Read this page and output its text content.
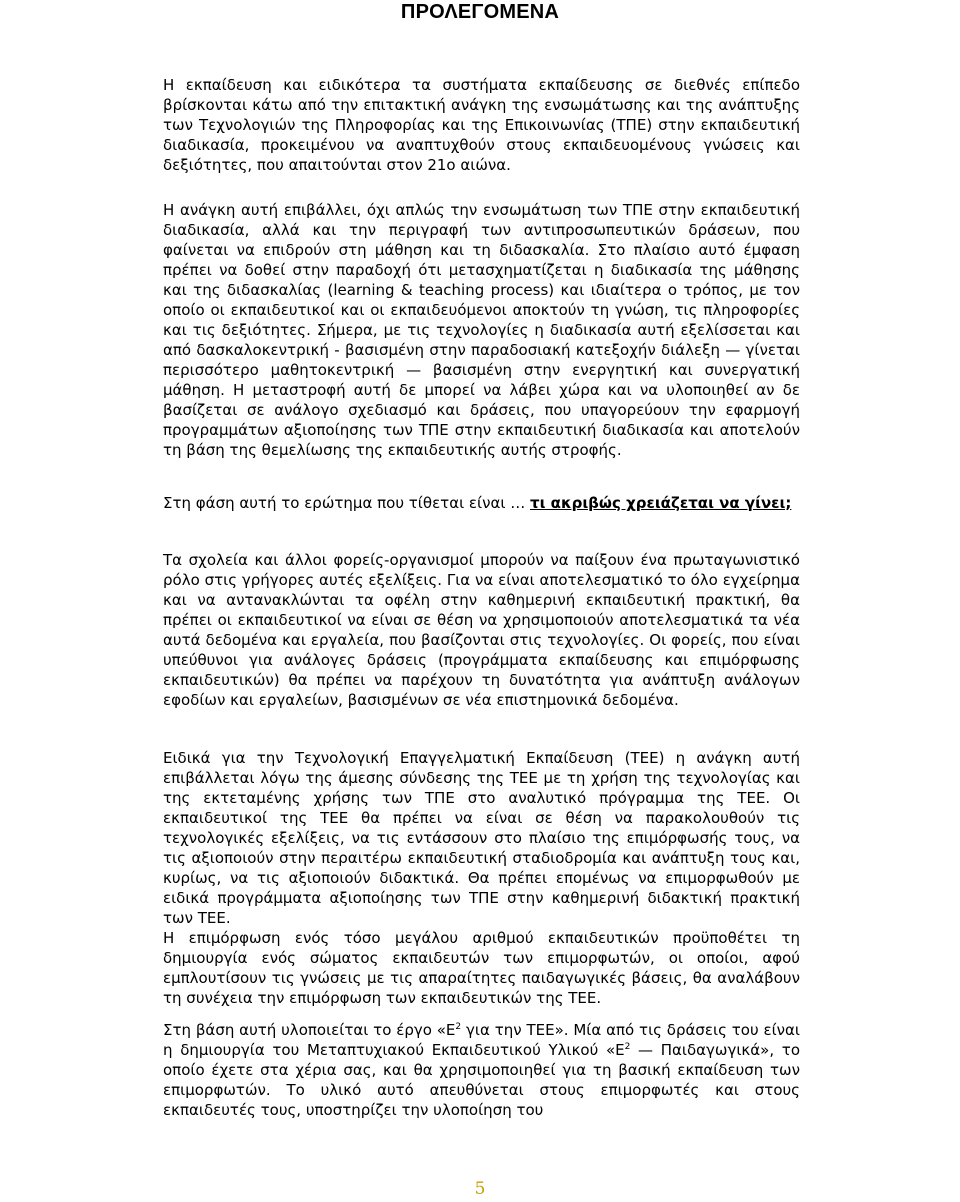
ΠΡΟΛΕΓΟΜΕΝΑ

Η εκπαίδευση και ειδικότερα τα συστήματα εκπαίδευσης σε διεθνές επίπεδο βρίσκονται κάτω από την επιτακτική ανάγκη της ενσωμάτωσης και της ανάπτυξης των Τεχνολογιών της Πληροφορίας και της Επικοινωνίας (ΤΠΕ) στην εκπαιδευτική διαδικασία, προκειμένου να αναπτυχθούν στους εκπαιδευομένους γνώσεις και δεξιότητες, που απαιτούνται στον 21ο αιώνα.

Η ανάγκη αυτή επιβάλλει, όχι απλώς την ενσωμάτωση των ΤΠΕ στην εκπαιδευτική διαδικασία, αλλά και την περιγραφή των αντιπροσωπευτικών δράσεων, που φαίνεται να επιδρούν στη μάθηση και τη διδασκαλία. Στο πλαίσιο αυτό έμφαση πρέπει να δοθεί στην παραδοχή ότι μετασχηματίζεται η διαδικασία της μάθησης και της διδασκαλίας (learning & teaching process) και ιδιαίτερα ο τρόπος, με τον οποίο οι εκπαιδευτικοί και οι εκπαιδευόμενοι αποκτούν τη γνώση, τις πληροφορίες και τις δεξιότητες. Σήμερα, με τις τεχνολογίες η διαδικασία αυτή εξελίσσεται και από δασκαλοκεντρική - βασισμένη στην παραδοσιακή κατεξοχήν διάλεξη — γίνεται περισσότερο μαθητοκεντρική — βασισμένη στην ενεργητική και συνεργατική μάθηση. Η μεταστροφή αυτή δε μπορεί να λάβει χώρα και να υλοποιηθεί αν δε βασίζεται σε ανάλογο σχεδιασμό και δράσεις, που υπαγορεύουν την εφαρμογή προγραμμάτων αξιοποίησης των ΤΠΕ στην εκπαιδευτική διαδικασία και αποτελούν τη βάση της θεμελίωσης της εκπαιδευτικής αυτής στροφής.

Στη φάση αυτή το ερώτημα που τίθεται είναι … τι ακριβώς χρειάζεται να γίνει;

Τα σχολεία και άλλοι φορείς-οργανισμοί μπορούν να παίξουν ένα πρωταγωνιστικό ρόλο στις γρήγορες αυτές εξελίξεις. Για να είναι αποτελεσματικό το όλο εγχείρημα και να αντανακλώνται τα οφέλη στην καθημερινή εκπαιδευτική πρακτική, θα πρέπει οι εκπαιδευτικοί να είναι σε θέση να χρησιμοποιούν αποτελεσματικά τα νέα αυτά δεδομένα και εργαλεία, που βασίζονται στις τεχνολογίες. Οι φορείς, που είναι υπεύθυνοι για ανάλογες δράσεις (προγράμματα εκπαίδευσης και επιμόρφωσης εκπαιδευτικών) θα πρέπει να παρέχουν τη δυνατότητα για ανάπτυξη ανάλογων εφοδίων και εργαλείων, βασισμένων σε νέα επιστημονικά δεδομένα.

Ειδικά για την Τεχνολογική Επαγγελματική Εκπαίδευση (ΤΕΕ) η ανάγκη αυτή επιβάλλεται λόγω της άμεσης σύνδεσης της ΤΕΕ με τη χρήση της τεχνολογίας και της εκτεταμένης χρήσης των ΤΠΕ στο αναλυτικό πρόγραμμα της ΤΕΕ. Οι εκπαιδευτικοί της ΤΕΕ θα πρέπει να είναι σε θέση να παρακολουθούν τις τεχνολογικές εξελίξεις, να τις εντάσσουν στο πλαίσιο της επιμόρφωσής τους, να τις αξιοποιούν στην περαιτέρω εκπαιδευτική σταδιοδρομία και ανάπτυξη τους και, κυρίως, να τις αξιοποιούν διδακτικά. Θα πρέπει επομένως να επιμορφωθούν με ειδικά προγράμματα αξιοποίησης των ΤΠΕ στην καθημερινή διδακτική πρακτική των ΤΕΕ.
Η επιμόρφωση ενός τόσο μεγάλου αριθμού εκπαιδευτικών προϋποθέτει τη δημιουργία ενός σώματος εκπαιδευτών των επιμορφωτών, οι οποίοι, αφού εμπλουτίσουν τις γνώσεις με τις απαραίτητες παιδαγωγικές βάσεις, θα αναλάβουν τη συνέχεια την επιμόρφωση των εκπαιδευτικών της ΤΕΕ.

Στη βάση αυτή υλοποιείται το έργο «$E^2$ για την ΤΕΕ». Μία από τις δράσεις του είναι η δημιουργία του Μεταπτυχιακού Εκπαιδευτικού Υλικού «$E^2$ — Παιδαγωγικά», το οποίο έχετε στα χέρια σας, και θα χρησιμοποιηθεί για τη βασική εκπαίδευση των επιμορφωτών. Το υλικό αυτό απευθύνεται στους επιμορφωτές και στους εκπαιδευτές τους, υποστηρίζει την υλοποίηση του

5
